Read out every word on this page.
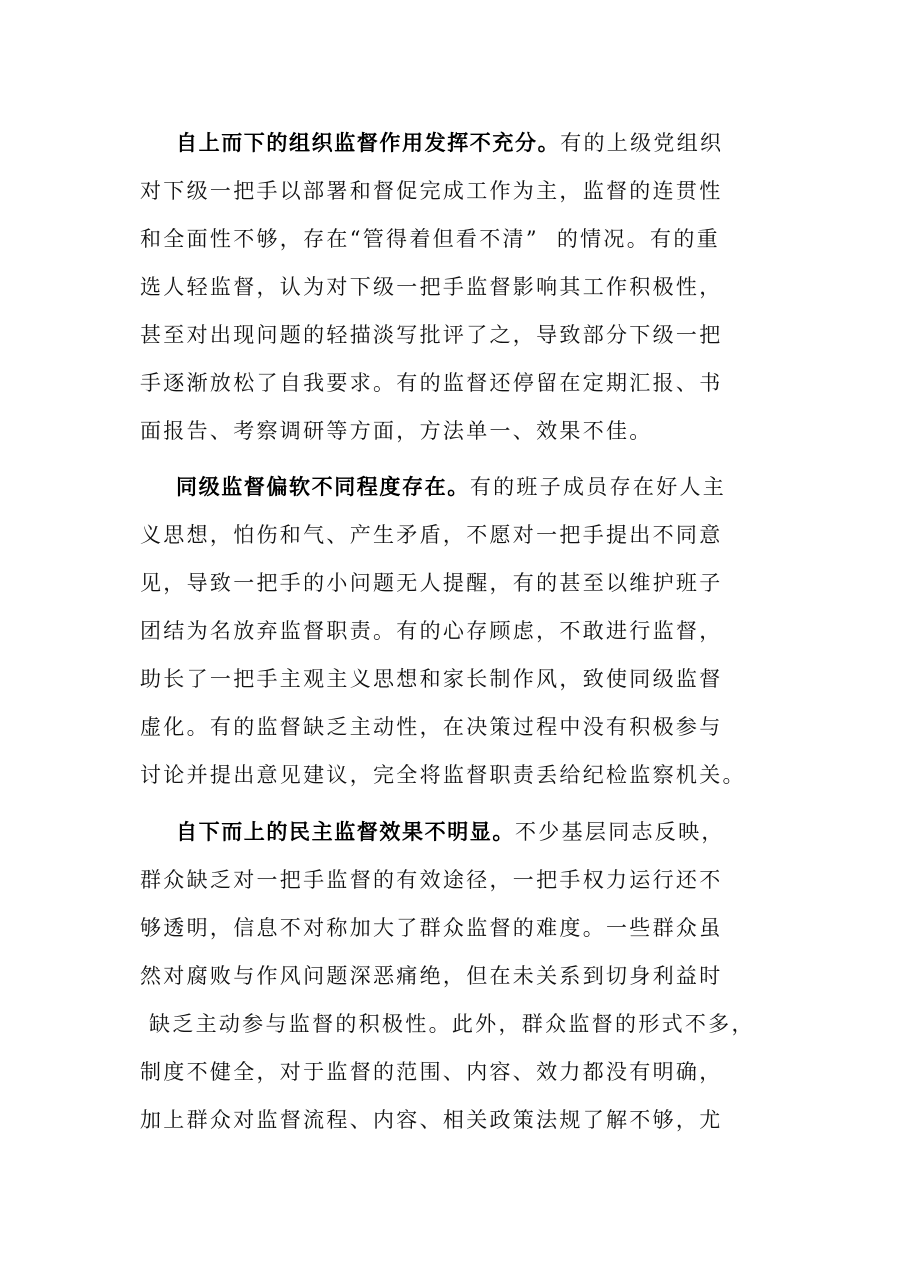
自上而下的组织监督作用发挥不充分。有的上级党组织
对下级一把手以部署和督促完成工作为主，监督的连贯性
和全面性不够，存在“管得着但看不清”  的情况。有的重
选人轻监督，认为对下级一把手监督影响其工作积极性，
甚至对出现问题的轻描淡写批评了之，导致部分下级一把
手逐渐放松了自我要求。有的监督还停留在定期汇报、书
面报告、考察调研等方面，方法单一、效果不佳。
同级监督偏软不同程度存在。有的班子成员存在好人主
义思想，怕伤和气、产生矛盾，不愿对一把手提出不同意
见，导致一把手的小问题无人提醒，有的甚至以维护班子
团结为名放弃监督职责。有的心存顾虑，不敢进行监督，
助长了一把手主观主义思想和家长制作风，致使同级监督
虚化。有的监督缺乏主动性，在决策过程中没有积极参与
讨论并提出意见建议，完全将监督职责丢给纪检监察机关。
自下而上的民主监督效果不明显。不少基层同志反映，
群众缺乏对一把手监督的有效途径，一把手权力运行还不
够透明，信息不对称加大了群众监督的难度。一些群众虽
然对腐败与作风问题深恶痛绝，但在未关系到切身利益时
缺乏主动参与监督的积极性。此外，群众监督的形式不多，
制度不健全，对于监督的范围、内容、效力都没有明确，
加上群众对监督流程、内容、相关政策法规了解不够，尤
